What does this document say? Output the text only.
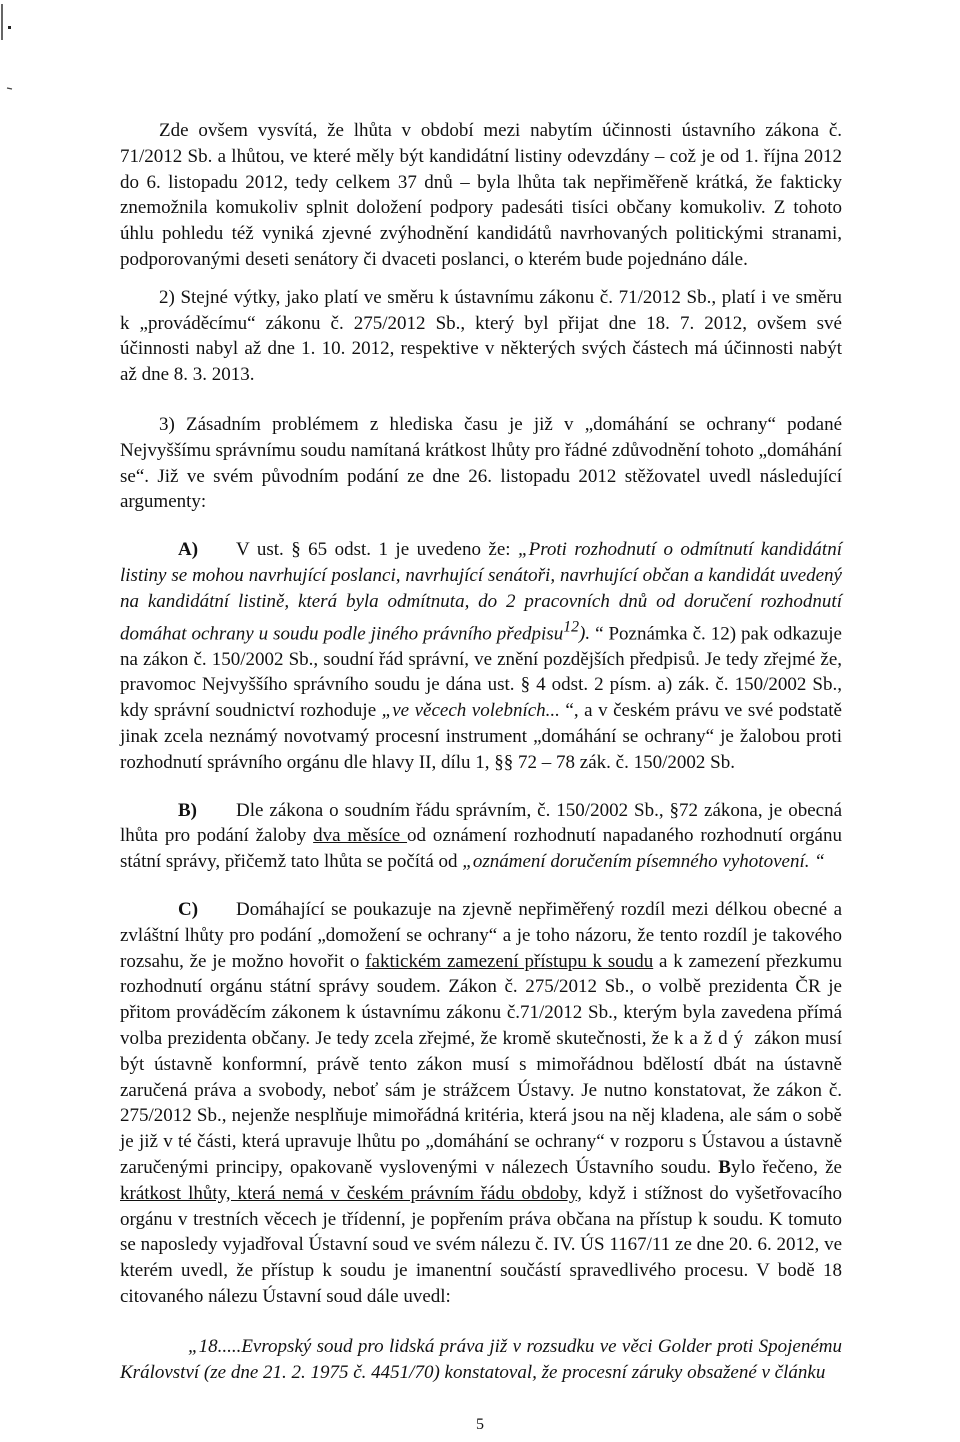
Zde ovšem vysvítá, že lhůta v období mezi nabytím účinnosti ústavního zákona č. 71/2012 Sb. a lhůtou, ve které měly být kandidátní listiny odevzdány – což je od 1. října 2012 do 6. listopadu 2012, tedy celkem 37 dnů – byla lhůta tak nepřiměřeně krátká, že fakticky znemožnila komukoliv splnit doložení podpory padesáti tisíci občany komukoliv. Z tohoto úhlu pohledu též vyniká zjevné zvýhodnění kandidátů navrhovaných politickými stranami, podporovanými deseti senátory či dvaceti poslanci, o kterém bude pojednáno dále.

2) Stejné výtky, jako platí ve směru k ústavnímu zákonu č. 71/2012 Sb., platí i ve směru k „prováděcímu“ zákonu č. 275/2012 Sb., který byl přijat dne 18. 7. 2012, ovšem své účinnosti nabyl až dne 1. 10. 2012, respektive v některých svých částech má účinnosti nabýt až dne 8. 3. 2013.

3) Zásadním problémem z hlediska času je již v „domáhání se ochrany“ podané Nejvyššímu správnímu soudu namítaná krátkost lhůty pro řádné zdůvodnění tohoto „domáhání se“. Již ve svém původním podání ze dne 26. listopadu 2012 stěžovatel uvedl následující argumenty:

A) V ust. § 65 odst. 1 je uvedeno že: „Proti rozhodnutí o odmítnutí kandidátní listiny se mohou navrhující poslanci, navrhující senátoři, navrhující občan a kandidát uvedený na kandidátní listině, která byla odmítnuta, do 2 pracovních dnů od doručení rozhodnutí domáhat ochrany u soudu podle jiného právního předpisu$^{12}$). “ Poznámka č. 12) pak odkazuje na zákon č. 150/2002 Sb., soudní řád správní, ve znění pozdějších předpisů. Je tedy zřejmé že, pravomoc Nejvyššího správního soudu je dána ust. § 4 odst. 2 písm. a) zák. č. 150/2002 Sb., kdy správní soudnictví rozhoduje „ve věcech volebních... “, a v českém právu ve své podstatě jinak zcela neznámý novotvamý procesní instrument „domáhání se ochrany“ je žalobou proti rozhodnutí správního orgánu dle hlavy II, dílu 1, §§ 72 – 78 zák. č. 150/2002 Sb.

B) Dle zákona o soudním řádu správním, č. 150/2002 Sb., §72 zákona, je obecná lhůta pro podání žaloby dva měsíce od oznámení rozhodnutí napadaného rozhodnutí orgánu státní správy, přičemž tato lhůta se počítá od „oznámení doručením písemného vyhotovení. “

C) Domáhající se poukazuje na zjevně nepřiměřený rozdíl mezi délkou obecné a zvláštní lhůty pro podání „domožení se ochrany“ a je toho názoru, že tento rozdíl je takového rozsahu, že je možno hovořit o faktickém zamezení přístupu k soudu a k zamezení přezkumu rozhodnutí orgánu státní správy soudem. Zákon č. 275/2012 Sb., o volbě prezidenta ČR je přitom prováděcím zákonem k ústavnímu zákonu č.71/2012 Sb., kterým byla zavedena přímá volba prezidenta občany. Je tedy zcela zřejmé, že kromě skutečnosti, že každý zákon musí být ústavně konformní, právě tento zákon musí s mimořádnou bdělostí dbát na ústavně zaručená práva a svobody, neboť sám je strážcem Ústavy. Je nutno konstatovat, že zákon č. 275/2012 Sb., nejenže nesplňuje mimořádná kritéria, která jsou na něj kladena, ale sám o sobě je již v té části, která upravuje lhůtu po „domáhání se ochrany“ v rozporu s Ústavou a ústavně zaručenými principy, opakovaně vyslovenými v nálezech Ústavního soudu. Bylo řečeno, že krátkost lhůty, která nemá v českém právním řádu obdoby, když i stížnost do vyšetřovacího orgánu v trestních věcech je třídenní, je popřením práva občana na přístup k soudu. K tomuto se naposledy vyjadřoval Ústavní soud ve svém nálezu č. IV. ÚS 1167/11 ze dne 20. 6. 2012, ve kterém uvedl, že přístup k soudu je imanentní součástí spravedlivého procesu. V bodě 18 citovaného nálezu Ústavní soud dále uvedl:

„18.....Evropský soud pro lidská práva již v rozsudku ve věci Golder proti Spojenému Království (ze dne 21. 2. 1975 č. 4451/70) konstatoval, že procesní záruky obsažené v článku

5
